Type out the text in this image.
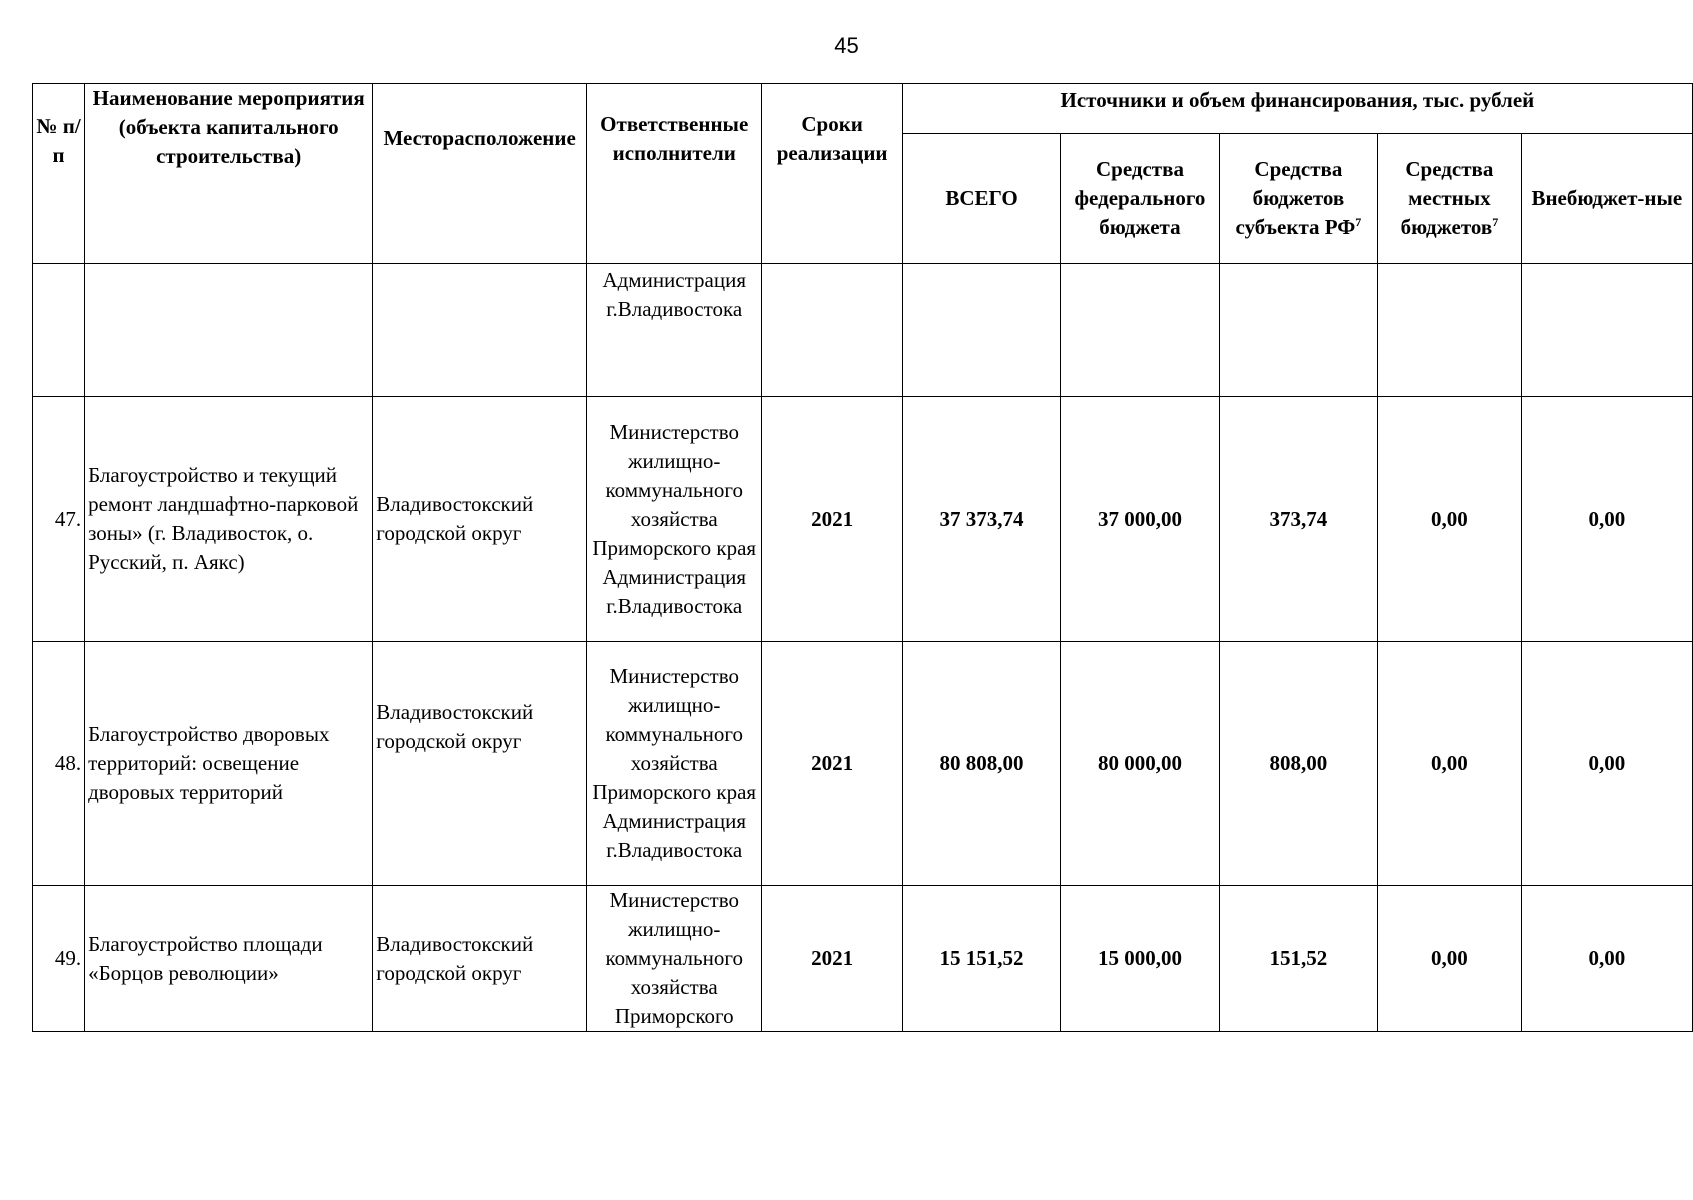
45
№ п/п	Наименование мероприятия (объекта капитального строительства)	Месторасположение	Ответственные исполнители	Сроки реализации	Источники и объем финансирования, тыс. рублей				
					ВСЕГО	Средства федерального бюджета	Средства бюджетов субъекта $РФ^7$	Средства местных бюджетов$^7$	Внебюджет-ные
			Администрация г.Владивостока						
47.	Благоустройство и текущий ремонт ландшафтно-парковой зоны» (г. Владивосток, о. Русский, п. Аякс)	Владивостокский городской округ	Министерство жилищно-коммунального хозяйства Приморского края Администрация г.Владивостока	2021	37 373,74	37 000,00	373,74	0,00	0,00
48.	Благоустройство дворовых территорий: освещение дворовых территорий	Владивостокский городской округ	Министерство жилищно-коммунального хозяйства Приморского края Администрация г.Владивостока	2021	80 808,00	80 000,00	808,00	0,00	0,00
49.	Благоустройство площади «Борцов революции»	Владивостокский городской округ	Министерство жилищно-коммунального хозяйства Приморского	2021	15 151,52	15 000,00	151,52	0,00	0,00
